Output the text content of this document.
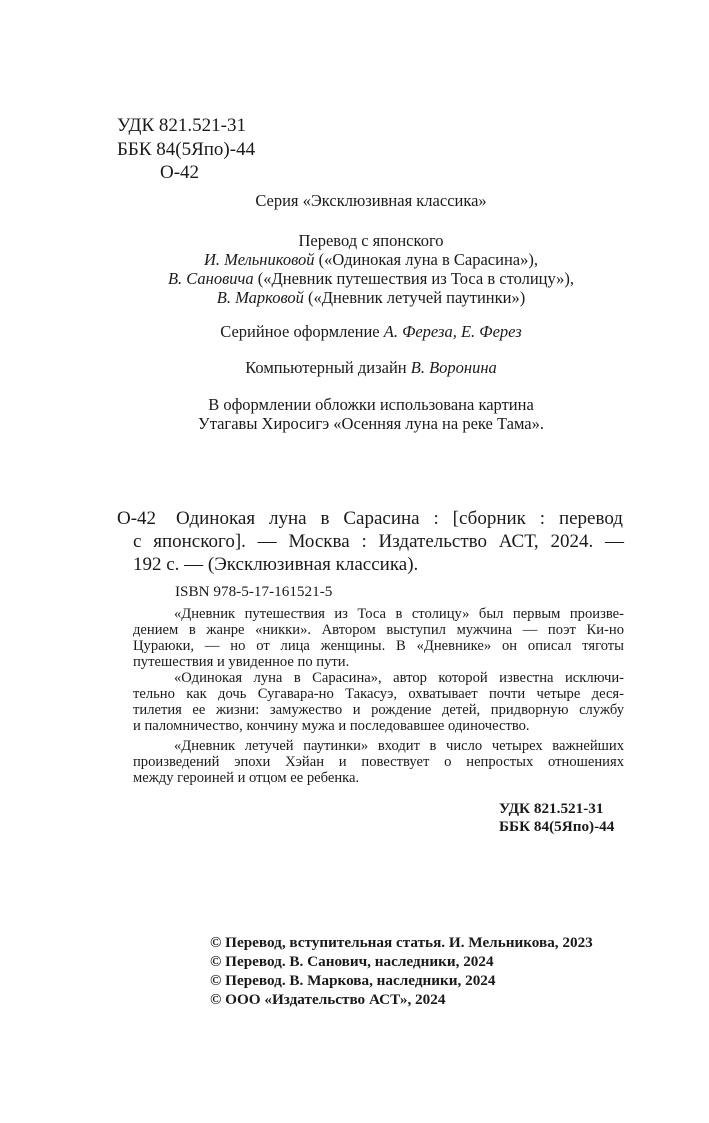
УДК 821.521-31
ББК 84(5Япо)-44
О-42
Серия «Эксклюзивная классика»
Перевод с японского
И. Мельниковой («Одинокая луна в Сарасина»),
В. Сановича («Дневник путешествия из Тоса в столицу»),
В. Марковой («Дневник летучей паутинки»)
Серийное оформление А. Фереза, Е. Ферез
Компьютерный дизайн В. Воронина
В оформлении обложки использована картина
Утагавы Хиросигэ «Осенняя луна на реке Тама».
О-42 Одинокая луна в Сарасина : [сборник : перевод
с японского]. — Москва : Издательство АСТ, 2024. —
192 с. — (Эксклюзивная классика).
ISBN 978-5-17-161521-5
«Дневник путешествия из Тоса в столицу» был первым произве-
дением в жанре «никки». Автором выступил мужчина — поэт Ки-но
Цураюки, — но от лица женщины. В «Дневнике» он описал тяготы
путешествия и увиденное по пути.
«Одинокая луна в Сарасина», автор которой известна исключи-
тельно как дочь Сугавара-но Такасуэ, охватывает почти четыре деся-
тилетия ее жизни: замужество и рождение детей, придворную службу
и паломничество, кончину мужа и последовавшее одиночество.
«Дневник летучей паутинки» входит в число четырех важнейших
произведений эпохи Хэйан и повествует о непростых отношениях
между героиней и отцом ее ребенка.
УДК 821.521-31
ББК 84(5Япо)-44
© Перевод, вступительная статья. И. Мельникова, 2023
© Перевод. В. Санович, наследники, 2024
© Перевод. В. Маркова, наследники, 2024
© ООО «Издательство АСТ», 2024
